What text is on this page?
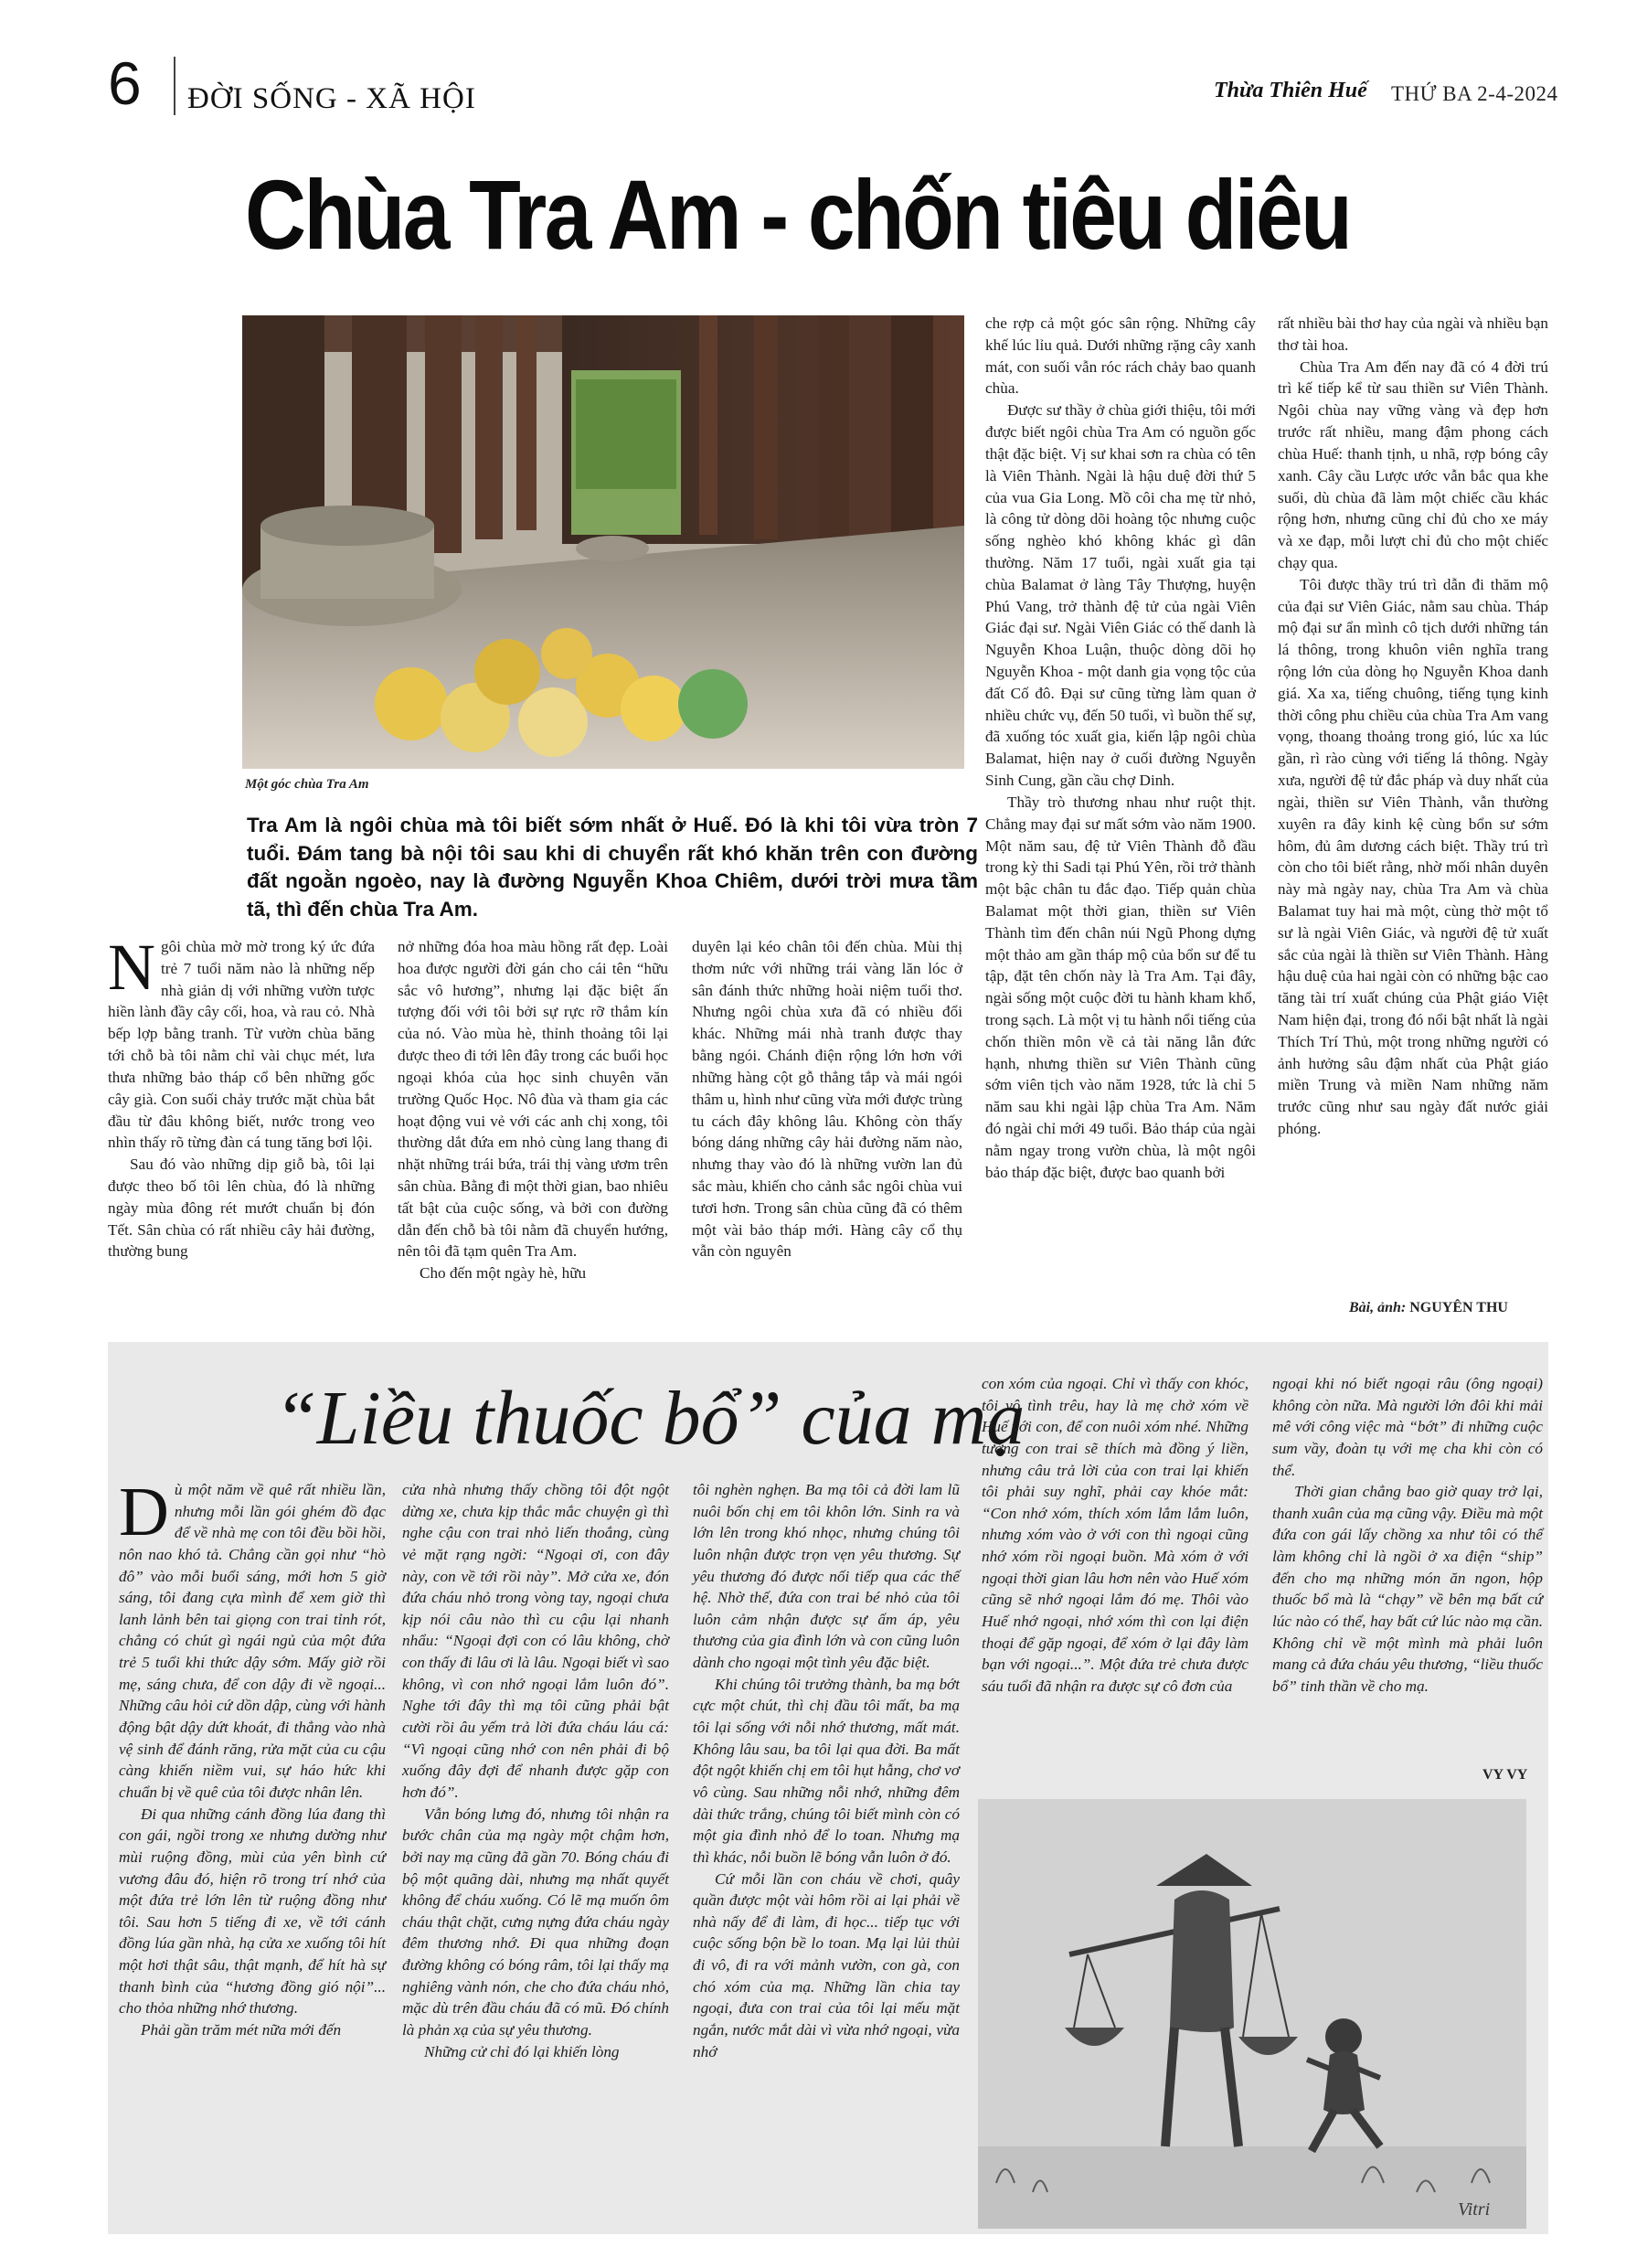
6 ĐỜI SỐNG - XÃ HỘI	Thừa Thiên Huế THỨ BA 2-4-2024
Chùa Tra Am - chốn tiêu diêu
Một góc chùa Tra Am
Tra Am là ngôi chùa mà tôi biết sớm nhất ở Huế. Đó là khi tôi vừa tròn 7 tuổi. Đám tang bà nội tôi sau khi di chuyển rất khó khăn trên con đường đất ngoằn ngoèo, nay là đường Nguyễn Khoa Chiêm, dưới trời mưa tầm tã, thì đến chùa Tra Am.
N gôi chùa mờ mờ trong ký ức đứa trẻ 7 tuổi năm nào là những nếp nhà giản dị với những vườn tược hiền lành đầy cây cối, hoa, và rau cỏ. Nhà bếp lợp bằng tranh. Từ vườn chùa băng tới chỗ bà tôi nằm chỉ vài chục mét, lưa thưa những bảo tháp cổ bên những gốc cây già. Con suối chảy trước mặt chùa bắt đầu từ đâu không biết, nước trong veo nhìn thấy rõ từng đàn cá tung tăng bơi lội.

Sau đó vào những dịp giỗ bà, tôi lại được theo bố tôi lên chùa, đó là những ngày mùa đông rét mướt chuẩn bị đón Tết. Sân chùa có rất nhiều cây hải đường, thường bung

nở những đóa hoa màu hồng rất đẹp. Loài hoa được người đời gán cho cái tên “hữu sắc vô hương”, nhưng lại đặc biệt ấn tượng đối với tôi bởi sự rực rỡ thắm kín của nó. Vào mùa hè, thỉnh thoảng tôi lại được theo đi tới lên đây trong các buổi học ngoại khóa của học sinh chuyên văn trường Quốc Học. Nô đùa và tham gia các hoạt động vui vẻ với các anh chị xong, tôi thường dắt đứa em nhỏ cùng lang thang đi nhặt những trái bứa, trái thị vàng ươm trên sân chùa. Bằng đi một thời gian, bao nhiêu tất bật của cuộc sống, và bởi con đường dẫn đến chỗ bà tôi nằm đã chuyển hướng, nên tôi đã tạm quên Tra Am.

Cho đến một ngày hè, hữu

duyên lại kéo chân tôi đến chùa. Mùi thị thơm nức với những trái vàng lăn lóc ở sân đánh thức những hoài niệm tuổi thơ. Nhưng ngôi chùa xưa đã có nhiều đổi khác. Những mái nhà tranh được thay bằng ngói. Chánh điện rộng lớn hơn với những hàng cột gỗ thẳng tắp và mái ngói thâm u, hình như cũng vừa mới được trùng tu cách đây không lâu. Không còn thấy bóng dáng những cây hải đường năm nào, nhưng thay vào đó là những vườn lan đủ sắc màu, khiến cho cảnh sắc ngôi chùa vui tươi hơn. Trong sân chùa cũng đã có thêm một vài bảo tháp mới. Hàng cây cổ thụ vẫn còn nguyên

che rợp cả một góc sân rộng. Những cây khế lúc lỉu quả. Dưới những rặng cây xanh mát, con suối vẫn róc rách chảy bao quanh chùa.

Được sư thầy ở chùa giới thiệu, tôi mới được biết ngôi chùa Tra Am có nguồn gốc thật đặc biệt. Vị sư khai sơn ra chùa có tên là Viên Thành. Ngài là hậu duệ đời thứ 5 của vua Gia Long. Mồ côi cha mẹ từ nhỏ, là công tử dòng dõi hoàng tộc nhưng cuộc sống nghèo khó không khác gì dân thường. Năm 17 tuổi, ngài xuất gia tại chùa Balamat ở làng Tây Thượng, huyện Phú Vang, trở thành đệ tử của ngài Viên Giác đại sư. Ngài Viên Giác có thế danh là Nguyễn Khoa Luận, thuộc dòng dõi họ Nguyễn Khoa - một danh gia vọng tộc của đất Cố đô. Đại sư cũng từng làm quan ở nhiều chức vụ, đến 50 tuổi, vì buồn thế sự, đã xuống tóc xuất gia, kiến lập ngôi chùa Balamat, hiện nay ở cuối đường Nguyễn Sinh Cung, gần cầu chợ Dinh.

Thầy trò thương nhau như ruột thịt. Chẳng may đại sư mất sớm vào năm 1900. Một năm sau, đệ tử Viên Thành đỗ đầu trong kỳ thi Sadi tại Phú Yên, rồi trở thành một bậc chân tu đắc đạo. Tiếp quản chùa Balamat một thời gian, thiền sư Viên Thành tìm đến chân núi Ngũ Phong dựng một thảo am gần tháp mộ của bổn sư để tu tập, đặt tên chốn này là Tra Am. Tại đây, ngài sống một cuộc đời tu hành kham khổ, trong sạch. Là một vị tu hành nổi tiếng của chốn thiền môn về cả tài năng lẫn đức hạnh, nhưng thiền sư Viên Thành cũng sớm viên tịch vào năm 1928, tức là chỉ 5 năm sau khi ngài lập chùa Tra Am. Năm đó ngài chỉ mới 49 tuổi. Bảo tháp của ngài nằm ngay trong vườn chùa, là một ngôi bảo tháp đặc biệt, được bao quanh bởi

rất nhiều bài thơ hay của ngài và nhiều bạn thơ tài hoa.

Chùa Tra Am đến nay đã có 4 đời trú trì kế tiếp kể từ sau thiền sư Viên Thành. Ngôi chùa nay vững vàng và đẹp hơn trước rất nhiều, mang đậm phong cách chùa Huế: thanh tịnh, u nhã, rợp bóng cây xanh. Cây cầu Lược ước vẫn bắc qua khe suối, dù chùa đã làm một chiếc cầu khác rộng hơn, nhưng cũng chỉ đủ cho xe máy và xe đạp, mỗi lượt chỉ đủ cho một chiếc chạy qua.

Tôi được thầy trú trì dẫn đi thăm mộ của đại sư Viên Giác, nằm sau chùa. Tháp mộ đại sư ẩn mình cô tịch dưới những tán lá thông, trong khuôn viên nghĩa trang rộng lớn của dòng họ Nguyễn Khoa danh giá. Xa xa, tiếng chuông, tiếng tụng kinh thời công phu chiều của chùa Tra Am vang vọng, thoang thoảng trong gió, lúc xa lúc gần, rì rào cùng với tiếng lá thông. Ngày xưa, người đệ tử đắc pháp và duy nhất của ngài, thiền sư Viên Thành, vẫn thường xuyên ra đây kinh kệ cùng bổn sư sớm hôm, đủ âm dương cách biệt. Thầy trú trì còn cho tôi biết rằng, nhờ mối nhân duyên này mà ngày nay, chùa Tra Am và chùa Balamat tuy hai mà một, cùng thờ một tổ sư là ngài Viên Giác, và người đệ tử xuất sắc của ngài là thiền sư Viên Thành. Hàng hậu duệ của hai ngài còn có những bậc cao tăng tài trí xuất chúng của Phật giáo Việt Nam hiện đại, trong đó nổi bật nhất là ngài Thích Trí Thủ, một trong những người có ảnh hưởng sâu đậm nhất của Phật giáo miền Trung và miền Nam những năm trước cũng như sau ngày đất nước giải phóng.

Bài, ảnh: NGUYÊN THU
“Liều thuốc bổ” của mạ
D ù một năm về quê rất nhiều lần, nhưng mỗi lần gói ghém đồ đạc để về nhà mẹ con tôi đều bồi hồi, nôn nao khó tả. Chẳng cần gọi như “hò đô” vào mỗi buổi sáng, mới hơn 5 giờ sáng, tôi đang cựa mình để xem giờ thì lanh lảnh bên tai giọng con trai tỉnh rót, chẳng có chút gì ngái ngủ của một đứa trẻ 5 tuổi khi thức dậy sớm. Mấy giờ rồi mẹ, sáng chưa, để con dậy đi về ngoại... Những câu hỏi cứ dồn dập, cùng với hành động bật dậy dứt khoát, đi thẳng vào nhà vệ sinh để đánh răng, rửa mặt của cu cậu càng khiến niềm vui, sự háo hức khi chuẩn bị về quê của tôi được nhân lên.

Đi qua những cánh đồng lúa đang thì con gái, ngồi trong xe nhưng dường như mùi ruộng đồng, mùi của yên bình cứ vương đâu đó, hiện rõ trong trí nhớ của một đứa trẻ lớn lên từ ruộng đồng như tôi. Sau hơn 5 tiếng đi xe, về tới cánh đồng lúa gần nhà, hạ cửa xe xuống tôi hít một hơi thật sâu, thật mạnh, để hít hà sự thanh bình của “hương đồng gió nội”... cho thỏa những nhớ thương.

Phải gần trăm mét nữa mới đến

cửa nhà nhưng thấy chồng tôi đột ngột dừng xe, chưa kịp thắc mắc chuyện gì thì nghe cậu con trai nhỏ liến thoắng, cùng vẻ mặt rạng ngời: “Ngoại ơi, con đây này, con về tới rồi này”. Mở cửa xe, đón đứa cháu nhỏ trong vòng tay, ngoại chưa kịp nói câu nào thì cu cậu lại nhanh nhẩu: “Ngoại đợi con có lâu không, chờ con thấy đi lâu ơi là lâu. Ngoại biết vì sao không, vì con nhớ ngoại lắm luôn đó”. Nghe tới đây thì mạ tôi cũng phải bật cười rồi âu yếm trả lời đứa cháu láu cá: “Vì ngoại cũng nhớ con nên phải đi bộ xuống đây đợi để nhanh được gặp con hơn đó”.

Vẫn bóng lưng đó, nhưng tôi nhận ra bước chân của mạ ngày một chậm hơn, bởi nay mạ cũng đã gần 70. Bóng cháu đi bộ một quãng dài, nhưng mạ nhất quyết không để cháu xuống. Có lẽ mạ muốn ôm cháu thật chặt, cưng nựng đứa cháu ngày đêm thương nhớ. Đi qua những đoạn đường không có bóng râm, tôi lại thấy mạ nghiêng vành nón, che cho đứa cháu nhỏ, mặc dù trên đầu cháu đã có mũ. Đó chính là phản xạ của sự yêu thương.

Những cử chỉ đó lại khiến lòng

tôi nghèn nghẹn. Ba mạ tôi cả đời lam lũ nuôi bốn chị em tôi khôn lớn. Sinh ra và lớn lên trong khó nhọc, nhưng chúng tôi luôn nhận được trọn vẹn yêu thương. Sự yêu thương đó được nối tiếp qua các thế hệ. Nhờ thế, đứa con trai bé nhỏ của tôi luôn cảm nhận được sự ấm áp, yêu thương của gia đình lớn và con cũng luôn dành cho ngoại một tình yêu đặc biệt.

Khi chúng tôi trưởng thành, ba mạ bớt cực một chút, thì chị đầu tôi mất, ba mạ tôi lại sống với nỗi nhớ thương, mất mát. Không lâu sau, ba tôi lại qua đời. Ba mất đột ngột khiến chị em tôi hụt hẫng, chơ vơ vô cùng. Sau những nỗi nhớ, những đêm dài thức trắng, chúng tôi biết mình còn có một gia đình nhỏ để lo toan. Nhưng mạ thì khác, nỗi buồn lẽ bóng vẫn luôn ở đó.

Cứ mỗi lần con cháu về chơi, quây quần được một vài hôm rồi ai lại phải về nhà nấy để đi làm, đi học... tiếp tục với cuộc sống bộn bề lo toan. Mạ lại lủi thủi đi vô, đi ra với mảnh vườn, con gà, con chó xóm của mạ. Những lần chia tay ngoại, đưa con trai của tôi lại mếu mặt ngắn, nước mắt dài vì vừa nhớ ngoại, vừa nhớ

con xóm của ngoại. Chỉ vì thấy con khóc, tôi vô tình trêu, hay là mẹ chở xóm về Huế với con, để con nuôi xóm nhé. Những tưởng con trai sẽ thích mà đồng ý liền, nhưng câu trả lời của con trai lại khiến tôi phải suy nghĩ, phải cay khóe mắt: “Con nhớ xóm, thích xóm lắm lắm luôn, nhưng xóm vào ở với con thì ngoại cũng nhớ xóm rồi ngoại buồn. Mà xóm ở với ngoại thời gian lâu hơn nên vào Huế xóm cũng sẽ nhớ ngoại lắm đó mẹ. Thôi vào Huế nhớ ngoại, nhớ xóm thì con lại điện thoại để gặp ngoại, để xóm ở lại đây làm bạn với ngoại...”. Một đứa trẻ chưa được sáu tuổi đã nhận ra được sự cô đơn của

ngoại khi nó biết ngoại râu (ông ngoại) không còn nữa. Mà người lớn đôi khi mải mê với công việc mà “bớt” đi những cuộc sum vầy, đoàn tụ với mẹ cha khi còn có thể.

Thời gian chẳng bao giờ quay trở lại, thanh xuân của mạ cũng vậy. Điều mà một đứa con gái lấy chồng xa như tôi có thể làm không chỉ là ngồi ở xa điện “ship” đến cho mạ những món ăn ngon, hộp thuốc bổ mà là “chạy” về bên mạ bất cứ lúc nào có thể, hay bất cứ lúc nào mạ cần. Không chỉ về một mình mà phải luôn mang cả đứa cháu yêu thương, “liều thuốc bổ” tinh thần về cho mạ.

VY VY
Vitri
